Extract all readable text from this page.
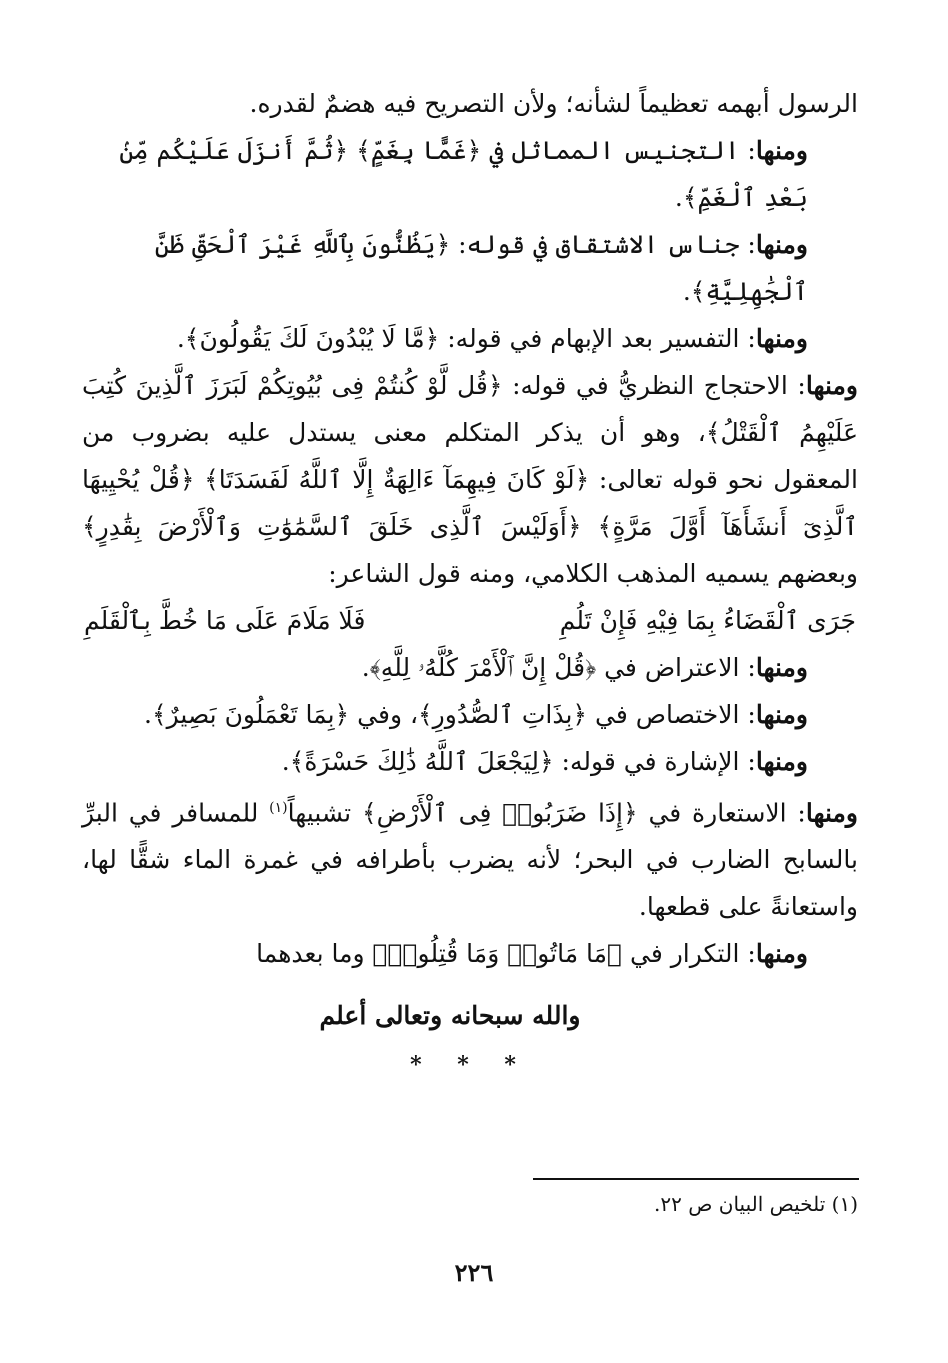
الرسول أبهمه تعظيماً لشأنه؛ ولأن التصريح فيه هضمٌ لقدره.

ومنها: التجنيس المماثل في ﴿غَمًّا بِغَمٍّ﴾ ﴿ثُمَّ أَنزَلَ عَلَيْكُم مِّنۢ بَعْدِ ٱلْغَمِّ﴾.

ومنها: جناس الاشتقاق في قوله: ﴿يَظُنُّونَ بِٱللَّهِ غَيْرَ ٱلْحَقِّ ظَنَّ ٱلْجَٰهِلِيَّةِ﴾.

ومنها: التفسير بعد الإبهام في قوله: ﴿مَّا لَا يُبْدُونَ لَكَ يَقُولُونَ﴾.

ومنها: الاحتجاج النظريُّ في قوله: ﴿قُل لَّوْ كُنتُمْ فِى بُيُوتِكُمْ لَبَرَزَ ٱلَّذِينَ كُتِبَ عَلَيْهِمُ ٱلْقَتْلُ﴾، وهو أن يذكر المتكلم معنى يستدل عليه بضروب من المعقول نحو قوله تعالى: ﴿لَوْ كَانَ فِيهِمَآ ءَالِهَةٌ إِلَّا ٱللَّهُ لَفَسَدَتَا﴾ ﴿قُلْ يُحْيِيهَا ٱلَّذِىٓ أَنشَأَهَآ أَوَّلَ مَرَّةٍ﴾ ﴿أَوَلَيْسَ ٱلَّذِى خَلَقَ ٱلسَّمَٰوَٰتِ وَٱلْأَرْضَ بِقَٰدِرٍ﴾ وبعضهم يسميه المذهب الكلامي، ومنه قول الشاعر:

جَرَى ٱلْقَضَاءُ بِمَا فِيْهِ فَإِنْ تَلُمِ
فَلَا مَلَامَ عَلَى مَا خُطَّ بِٱلْقَلَمِ

ومنها: الاعتراض في ﴿قُلْ إِنَّ ٱلْأَمْرَ كُلَّهُۥ لِلَّهِ﴾.

ومنها: الاختصاص في ﴿بِذَاتِ ٱلصُّدُورِ﴾، وفي ﴿بِمَا تَعْمَلُونَ بَصِيرٌ﴾.

ومنها: الإشارة في قوله: ﴿لِيَجْعَلَ ٱللَّهُ ذَٰلِكَ حَسْرَةً﴾.

ومنها: الاستعارة في ﴿إِذَا ضَرَبُوا۟ فِى ٱلْأَرْضِ﴾ تشبيهاً$^{(١)}$ للمسافر في البرِّ بالسابح الضارب في البحر؛ لأنه يضرب بأطرافه في غمرة الماء شقًّا لها، واستعانةً على قطعها.

ومنها: التكرار في ﴿مَا مَاتُوا۟ وَمَا قُتِلُوا۟﴾ وما بعدهما

والله سبحانه وتعالى أعلم
* * *
(١) تلخيص البيان ص ٢٢.
٢٢٦
